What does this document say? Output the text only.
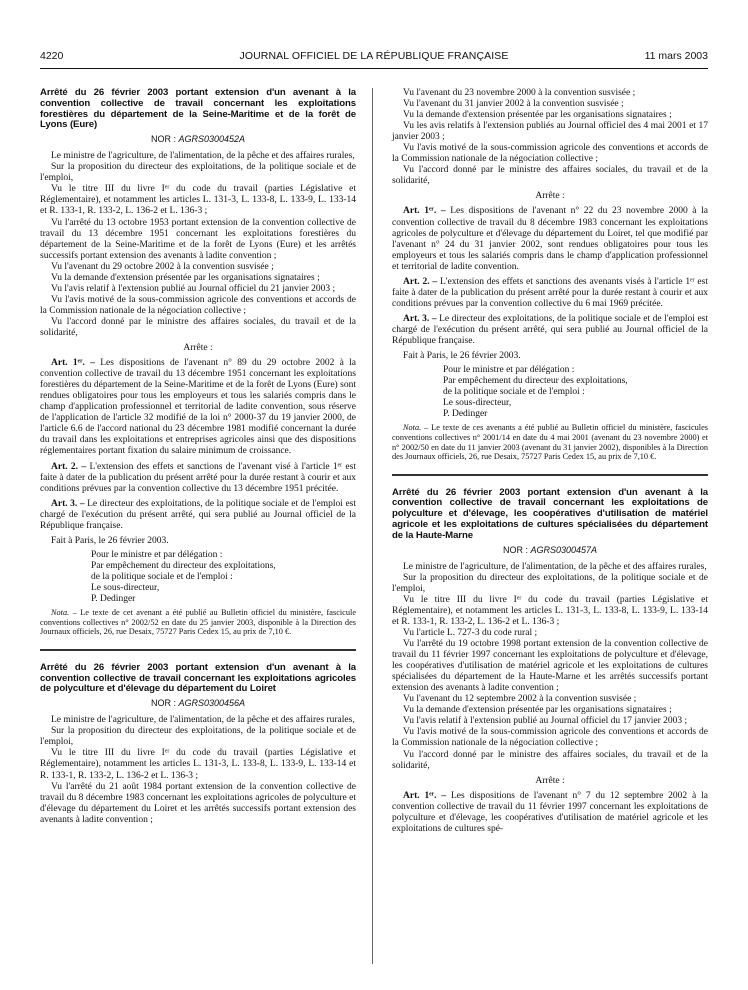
4220	JOURNAL OFFICIEL DE LA RÉPUBLIQUE FRANÇAISE	11 mars 2003
Arrêté du 26 février 2003 portant extension d'un avenant à la convention collective de travail concernant les exploitations forestières du département de la Seine-Maritime et de la forêt de Lyons (Eure)
NOR : AGRS0300452A

Le ministre de l'agriculture, de l'alimentation, de la pêche et des affaires rurales,

Sur la proposition du directeur des exploitations, de la politique sociale et de l'emploi,

Vu le titre III du livre Iᵉʳ du code du travail (parties Législative et Réglementaire), et notamment les articles L. 131-3, L. 133-8, L. 133-9, L. 133-14 et R. 133-1, R. 133-2, L. 136-2 et L. 136-3 ;

Vu l'arrêté du 13 octobre 1953 portant extension de la convention collective de travail du 13 décembre 1951 concernant les exploitations forestières du département de la Seine-Maritime et de la forêt de Lyons (Eure) et les arrêtés successifs portant extension des avenants à ladite convention ;

Vu l'avenant du 29 octobre 2002 à la convention susvisée ;

Vu la demande d'extension présentée par les organisations signataires ;

Vu l'avis relatif à l'extension publié au Journal officiel du 21 janvier 2003 ;

Vu l'avis motivé de la sous-commission agricole des conventions et accords de la Commission nationale de la négociation collective ;

Vu l'accord donné par le ministre des affaires sociales, du travail et de la solidarité,

Arrête :

Art. 1ᵉʳ. – Les dispositions de l'avenant n° 89 du 29 octobre 2002 à la convention collective de travail du 13 décembre 1951 concernant les exploitations forestières du département de la Seine-Maritime et de la forêt de Lyons (Eure) sont rendues obligatoires pour tous les employeurs et tous les salariés compris dans le champ d'application professionnel et territorial de ladite convention, sous réserve de l'application de l'article 32 modifié de la loi n° 2000-37 du 19 janvier 2000, de l'article 6.6 de l'accord national du 23 décembre 1981 modifié concernant la durée du travail dans les exploitations et entreprises agricoles ainsi que des dispositions réglementaires portant fixation du salaire minimum de croissance.

Art. 2. – L'extension des effets et sanctions de l'avenant visé à l'article 1ᵉʳ est faite à dater de la publication du présent arrêté pour la durée restant à courir et aux conditions prévues par la convention collective du 13 décembre 1951 précitée.

Art. 3. – Le directeur des exploitations, de la politique sociale et de l'emploi est chargé de l'exécution du présent arrêté, qui sera publié au Journal officiel de la République française.

Fait à Paris, le 26 février 2003.

Pour le ministre et par délégation :

Par empêchement du directeur des exploitations,

de la politique sociale et de l'emploi :

Le sous-directeur,

P. Dedinger

Nota. – Le texte de cet avenant a été publié au Bulletin officiel du ministère, fascicule conventions collectives n° 2002/52 en date du 25 janvier 2003, disponible à la Direction des Journaux officiels, 26, rue Desaix, 75727 Paris Cedex 15, au prix de 7,10 €.

Arrêté du 26 février 2003 portant extension d'un avenant à la convention collective de travail concernant les exploitations agricoles de polyculture et d'élevage du département du Loiret
NOR : AGRS0300456A

Le ministre de l'agriculture, de l'alimentation, de la pêche et des affaires rurales,

Sur la proposition du directeur des exploitations, de la politique sociale et de l'emploi,

Vu le titre III du livre Iᵉʳ du code du travail (parties Législative et Réglementaire), notamment les articles L. 131-3, L. 133-8, L. 133-9, L. 133-14 et R. 133-1, R. 133-2, L. 136-2 et L. 136-3 ;

Vu l'arrêté du 21 août 1984 portant extension de la convention collective de travail du 8 décembre 1983 concernant les exploitations agricoles de polyculture et d'élevage du département du Loiret et les arrêtés successifs portant extension des avenants à ladite convention ;

Vu l'avenant du 23 novembre 2000 à la convention susvisée ;

Vu l'avenant du 31 janvier 2002 à la convention susvisée ;

Vu la demande d'extension présentée par les organisations signataires ;

Vu les avis relatifs à l'extension publiés au Journal officiel des 4 mai 2001 et 17 janvier 2003 ;

Vu l'avis motivé de la sous-commission agricole des conventions et accords de la Commission nationale de la négociation collective ;

Vu l'accord donné par le ministre des affaires sociales, du travail et de la solidarité,

Arrête :

Art. 1ᵉʳ. – Les dispositions de l'avenant n° 22 du 23 novembre 2000 à la convention collective de travail du 8 décembre 1983 concernant les exploitations agricoles de polyculture et d'élevage du département du Loiret, tel que modifié par l'avenant n° 24 du 31 janvier 2002, sont rendues obligatoires pour tous les employeurs et tous les salariés compris dans le champ d'application professionnel et territorial de ladite convention.

Art. 2. – L'extension des effets et sanctions des avenants visés à l'article 1ᵉʳ est faite à dater de la publication du présent arrêté pour la durée restant à courir et aux conditions prévues par la convention collective du 6 mai 1969 précitée.

Art. 3. – Le directeur des exploitations, de la politique sociale et de l'emploi est chargé de l'exécution du présent arrêté, qui sera publié au Journal officiel de la République française.

Fait à Paris, le 26 février 2003.

Pour le ministre et par délégation :

Par empêchement du directeur des exploitations,

de la politique sociale et de l'emploi :

Le sous-directeur,

P. Dedinger

Nota. – Le texte de ces avenants a été publié au Bulletin officiel du ministère, fascicules conventions collectives n° 2001/14 en date du 4 mai 2001 (avenant du 23 novembre 2000) et n° 2002/50 en date du 11 janvier 2003 (avenant du 31 janvier 2002), disponibles à la Direction des Journaux officiels, 26, rue Desaix, 75727 Paris Cedex 15, au prix de 7,10 €.

Arrêté du 26 février 2003 portant extension d'un avenant à la convention collective de travail concernant les exploitations de polyculture et d'élevage, les coopératives d'utilisation de matériel agricole et les exploitations de cultures spécialisées du département de la Haute-Marne
NOR : AGRS0300457A

Le ministre de l'agriculture, de l'alimentation, de la pêche et des affaires rurales,

Sur la proposition du directeur des exploitations, de la politique sociale et de l'emploi,

Vu le titre III du livre Iᵉʳ du code du travail (parties Législative et Réglementaire), et notamment les articles L. 131-3, L. 133-8, L. 133-9, L. 133-14 et R. 133-1, R. 133-2, L. 136-2 et L. 136-3 ;

Vu l'article L. 727-3 du code rural ;

Vu l'arrêté du 19 octobre 1998 portant extension de la convention collective de travail du 11 février 1997 concernant les exploitations de polyculture et d'élevage, les coopératives d'utilisation de matériel agricole et les exploitations de cultures spécialisées du département de la Haute-Marne et les arrêtés successifs portant extension des avenants à ladite convention ;

Vu l'avenant du 12 septembre 2002 à la convention susvisée ;

Vu la demande d'extension présentée par les organisations signataires ;

Vu l'avis relatif à l'extension publié au Journal officiel du 17 janvier 2003 ;

Vu l'avis motivé de la sous-commission agricole des conventions et accords de la Commission nationale de la négociation collective ;

Vu l'accord donné par le ministre des affaires sociales, du travail et de la solidarité,

Arrête :

Art. 1ᵉʳ. – Les dispositions de l'avenant n° 7 du 12 septembre 2002 à la convention collective de travail du 11 février 1997 concernant les exploitations de polyculture et d'élevage, les coopératives d'utilisation de matériel agricole et les exploitations de cultures spé-
